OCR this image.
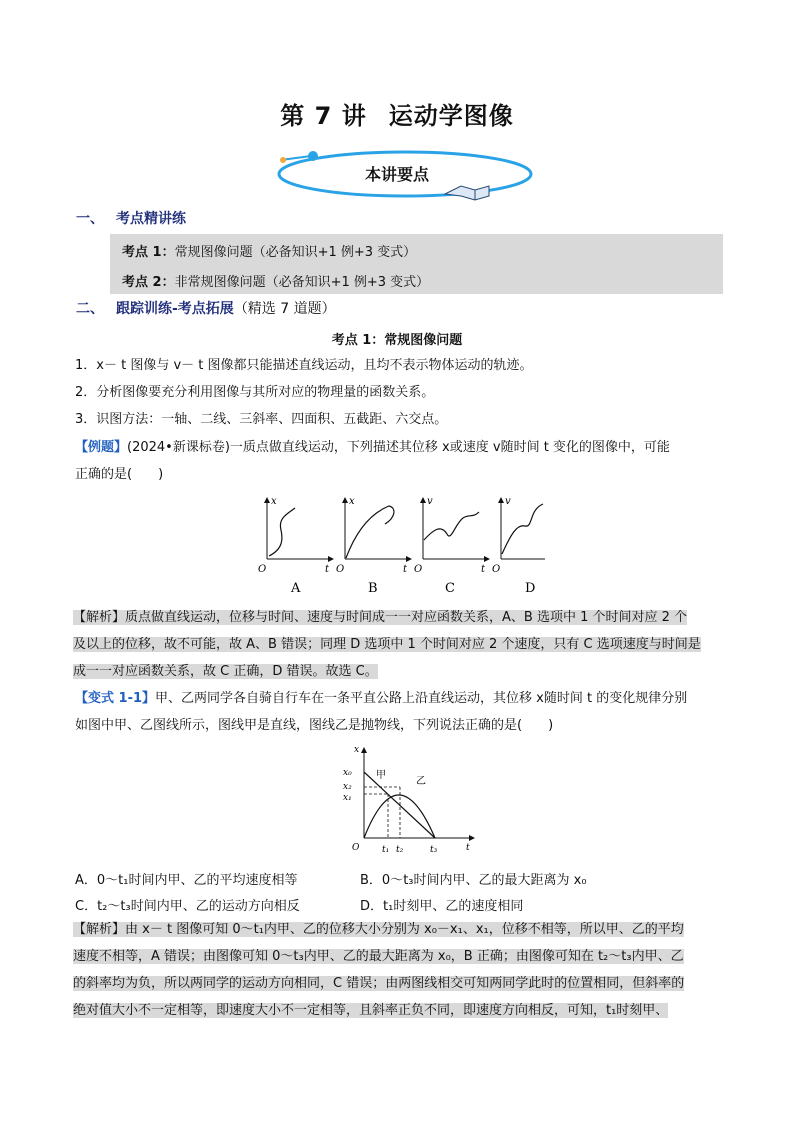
第 7 讲 运动学图像
本讲要点
一、 考点精讲练
考点 1：常规图像问题（必备知识+1 例+3 变式）
考点 2：非常规图像问题（必备知识+1 例+3 变式）
二、 跟踪训练-考点拓展（精选 7 道题）
考点 1：常规图像问题
1．x－ t 图像与 v－ t 图像都只能描述直线运动，且均不表示物体运动的轨迹。
2．分析图像要充分利用图像与其所对应的物理量的函数关系。
3．识图方法：一轴、二线、三斜率、四面积、五截距、六交点。
【例题】(2024•新课标卷)一质点做直线运动，下列描述其位移 x或速度 v随时间 t 变化的图像中，可能
正确的是(　　)
x
t
O
A
x
t
O
B
v
t
O
C
v
O
D
【解析】质点做直线运动，位移与时间、速度与时间成一一对应函数关系，A、B 选项中 1 个时间对应 2 个
及以上的位移，故不可能，故 A、B 错误；同理 D 选项中 1 个时间对应 2 个速度，只有 C 选项速度与时间是
成一一对应函数关系，故 C 正确，D 错误。故选 C。
【变式 1-1】甲、乙两同学各自骑自行车在一条平直公路上沿直线运动，其位移 x随时间 t 的变化规律分别
如图中甲、乙图线所示，图线甲是直线，图线乙是抛物线，下列说法正确的是(　　)
x
t
O
x₀
x₂
x₁
t₁ t₂	t₃
甲
乙
A．0～t₁时间内甲、乙的平均速度相等	B．0～t₃时间内甲、乙的最大距离为 x₀
C．t₂～t₃时间内甲、乙的运动方向相反	D．t₁时刻甲、乙的速度相同
【解析】由 x－ t 图像可知 0～t₁内甲、乙的位移大小分别为 x₀－x₁、x₁，位移不相等，所以甲、乙的平均
速度不相等，A 错误；由图像可知 0～t₃内甲、乙的最大距离为 x₀，B 正确；由图像可知在 t₂～t₃内甲、乙
的斜率均为负，所以两同学的运动方向相同，C 错误；由两图线相交可知两同学此时的位置相同，但斜率的
绝对值大小不一定相等，即速度大小不一定相等，且斜率正负不同，即速度方向相反，可知，t₁时刻甲、
